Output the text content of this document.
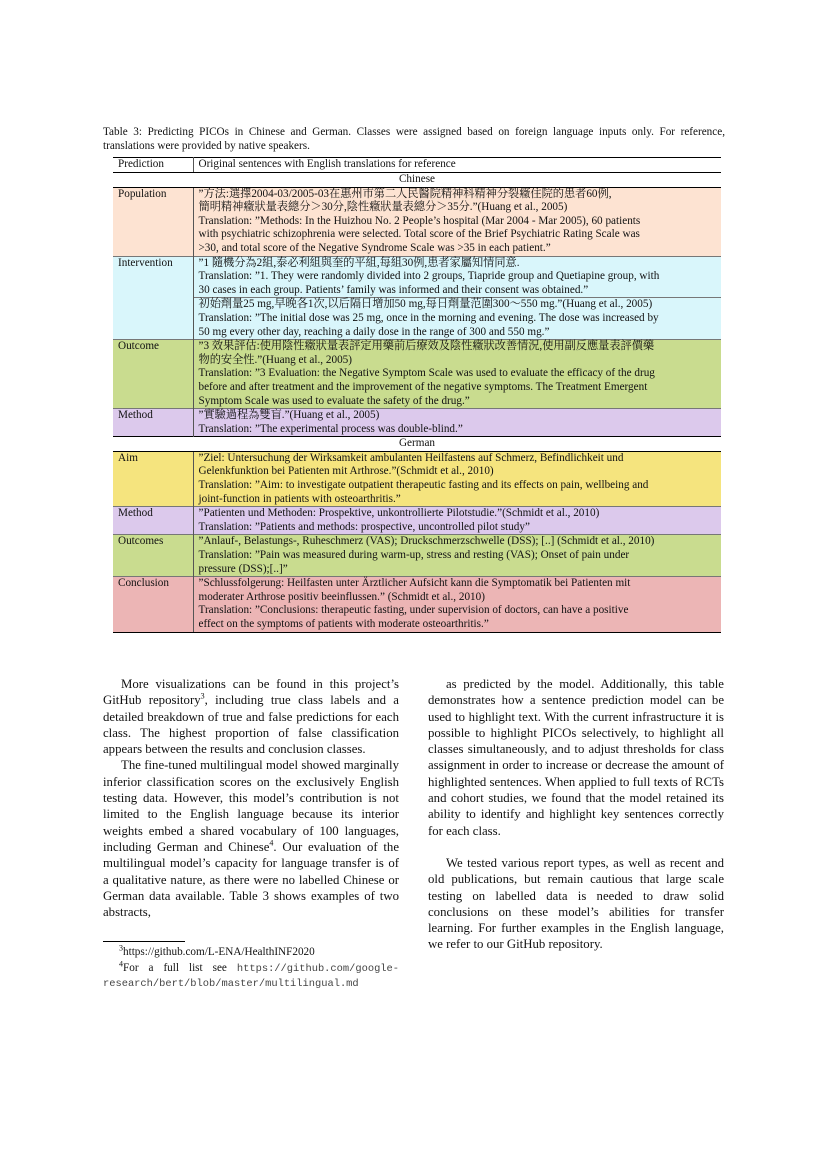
Table 3: Predicting PICOs in Chinese and German. Classes were assigned based on foreign language inputs only. For reference, translations were provided by native speakers.
Prediction	Original sentences with English translations for reference
Chinese	
Population	”方法:選擇2004-03/2005-03在惠州市第二人民醫院精神科精神分裂癥住院的患者60例,
簡明精神癥狀量表總分＞30分,陰性癥狀量表總分＞35分.”(Huang et al., 2005)
Translation: ”Methods: In the Huizhou No. 2 People’s hospital (Mar 2004 - Mar 2005), 60 patients
with psychiatric schizophrenia were selected. Total score of the Brief Psychiatric Rating Scale was
>30, and total score of the Negative Syndrome Scale was >35 in each patient.”

Intervention	”1 隨機分為2組,泰必利組與奎的平組,每組30例,患者家屬知情同意.
Translation: ”1. They were randomly divided into 2 groups, Tiapride group and Quetiapine group, with
30 cases in each group. Patients’ family was informed and their consent was obtained.”

	初始劑量25 mg,早晚各1次,以后隔日增加50 mg,每日劑量范圍300～550 mg.”(Huang et al., 2005)
Translation: ”The initial dose was 25 mg, once in the morning and evening. The dose was increased by
50 mg every other day, reaching a daily dose in the range of 300 and 550 mg.”

Outcome	”3 效果評估:使用陰性癥狀量表評定用藥前后療效及陰性癥狀改善情況,使用副反應量表評價藥
物的安全性.”(Huang et al., 2005)
Translation: ”3 Evaluation: the Negative Symptom Scale was used to evaluate the efficacy of the drug
before and after treatment and the improvement of the negative symptoms. The Treatment Emergent
Symptom Scale was used to evaluate the safety of the drug.”

Method	”實驗過程為雙盲.”(Huang et al., 2005)
Translation: ”The experimental process was double-blind.”

German	
Aim	”Ziel: Untersuchung der Wirksamkeit ambulanten Heilfastens auf Schmerz, Befindlichkeit und
Gelenkfunktion bei Patienten mit Arthrose.”(Schmidt et al., 2010)
Translation: ”Aim: to investigate outpatient therapeutic fasting and its effects on pain, wellbeing and
joint-function in patients with osteoarthritis.”

Method	”Patienten und Methoden: Prospektive, unkontrollierte Pilotstudie.”(Schmidt et al., 2010)
Translation: ”Patients and methods: prospective, uncontrolled pilot study”

Outcomes	”Anlauf-, Belastungs-, Ruheschmerz (VAS); Druckschmerzschwelle (DSS); [..] (Schmidt et al., 2010)
Translation: ”Pain was measured during warm-up, stress and resting (VAS); Onset of pain under
pressure (DSS);[..]”

Conclusion	”Schlussfolgerung: Heilfasten unter Ärztlicher Aufsicht kann die Symptomatik bei Patienten mit
moderater Arthrose positiv beeinflussen.” (Schmidt et al., 2010)
Translation: ”Conclusions: therapeutic fasting, under supervision of doctors, can have a positive
effect on the symptoms of patients with moderate osteoarthritis.”

More visualizations can be found in this project’s GitHub repository$^3$, including true class labels and a detailed breakdown of true and false predictions for each class. The highest proportion of false classification appears between the results and conclusion classes.

The fine-tuned multilingual model showed marginally inferior classification scores on the exclusively English testing data. However, this model’s contribution is not limited to the English language because its interior weights embed a shared vocabulary of 100 languages, including German and Chinese$^4$. Our evaluation of the multilingual model’s capacity for language transfer is of a qualitative nature, as there were no labelled Chinese or German data available. Table 3 shows examples of two abstracts,

as predicted by the model. Additionally, this table demonstrates how a sentence prediction model can be used to highlight text. With the current infrastructure it is possible to highlight PICOs selectively, to highlight all classes simultaneously, and to adjust thresholds for class assignment in order to increase or decrease the amount of highlighted sentences. When applied to full texts of RCTs and cohort studies, we found that the model retained its ability to identify and highlight key sentences correctly for each class.

We tested various report types, as well as recent and old publications, but remain cautious that large scale testing on labelled data is needed to draw solid conclusions on these model’s abilities for transfer learning. For further examples in the English language, we refer to our GitHub repository.

$^3$https://github.com/L-ENA/HealthINF2020
$^4$For a full list see https://github.com/google-research/bert/blob/master/multilingual.md
